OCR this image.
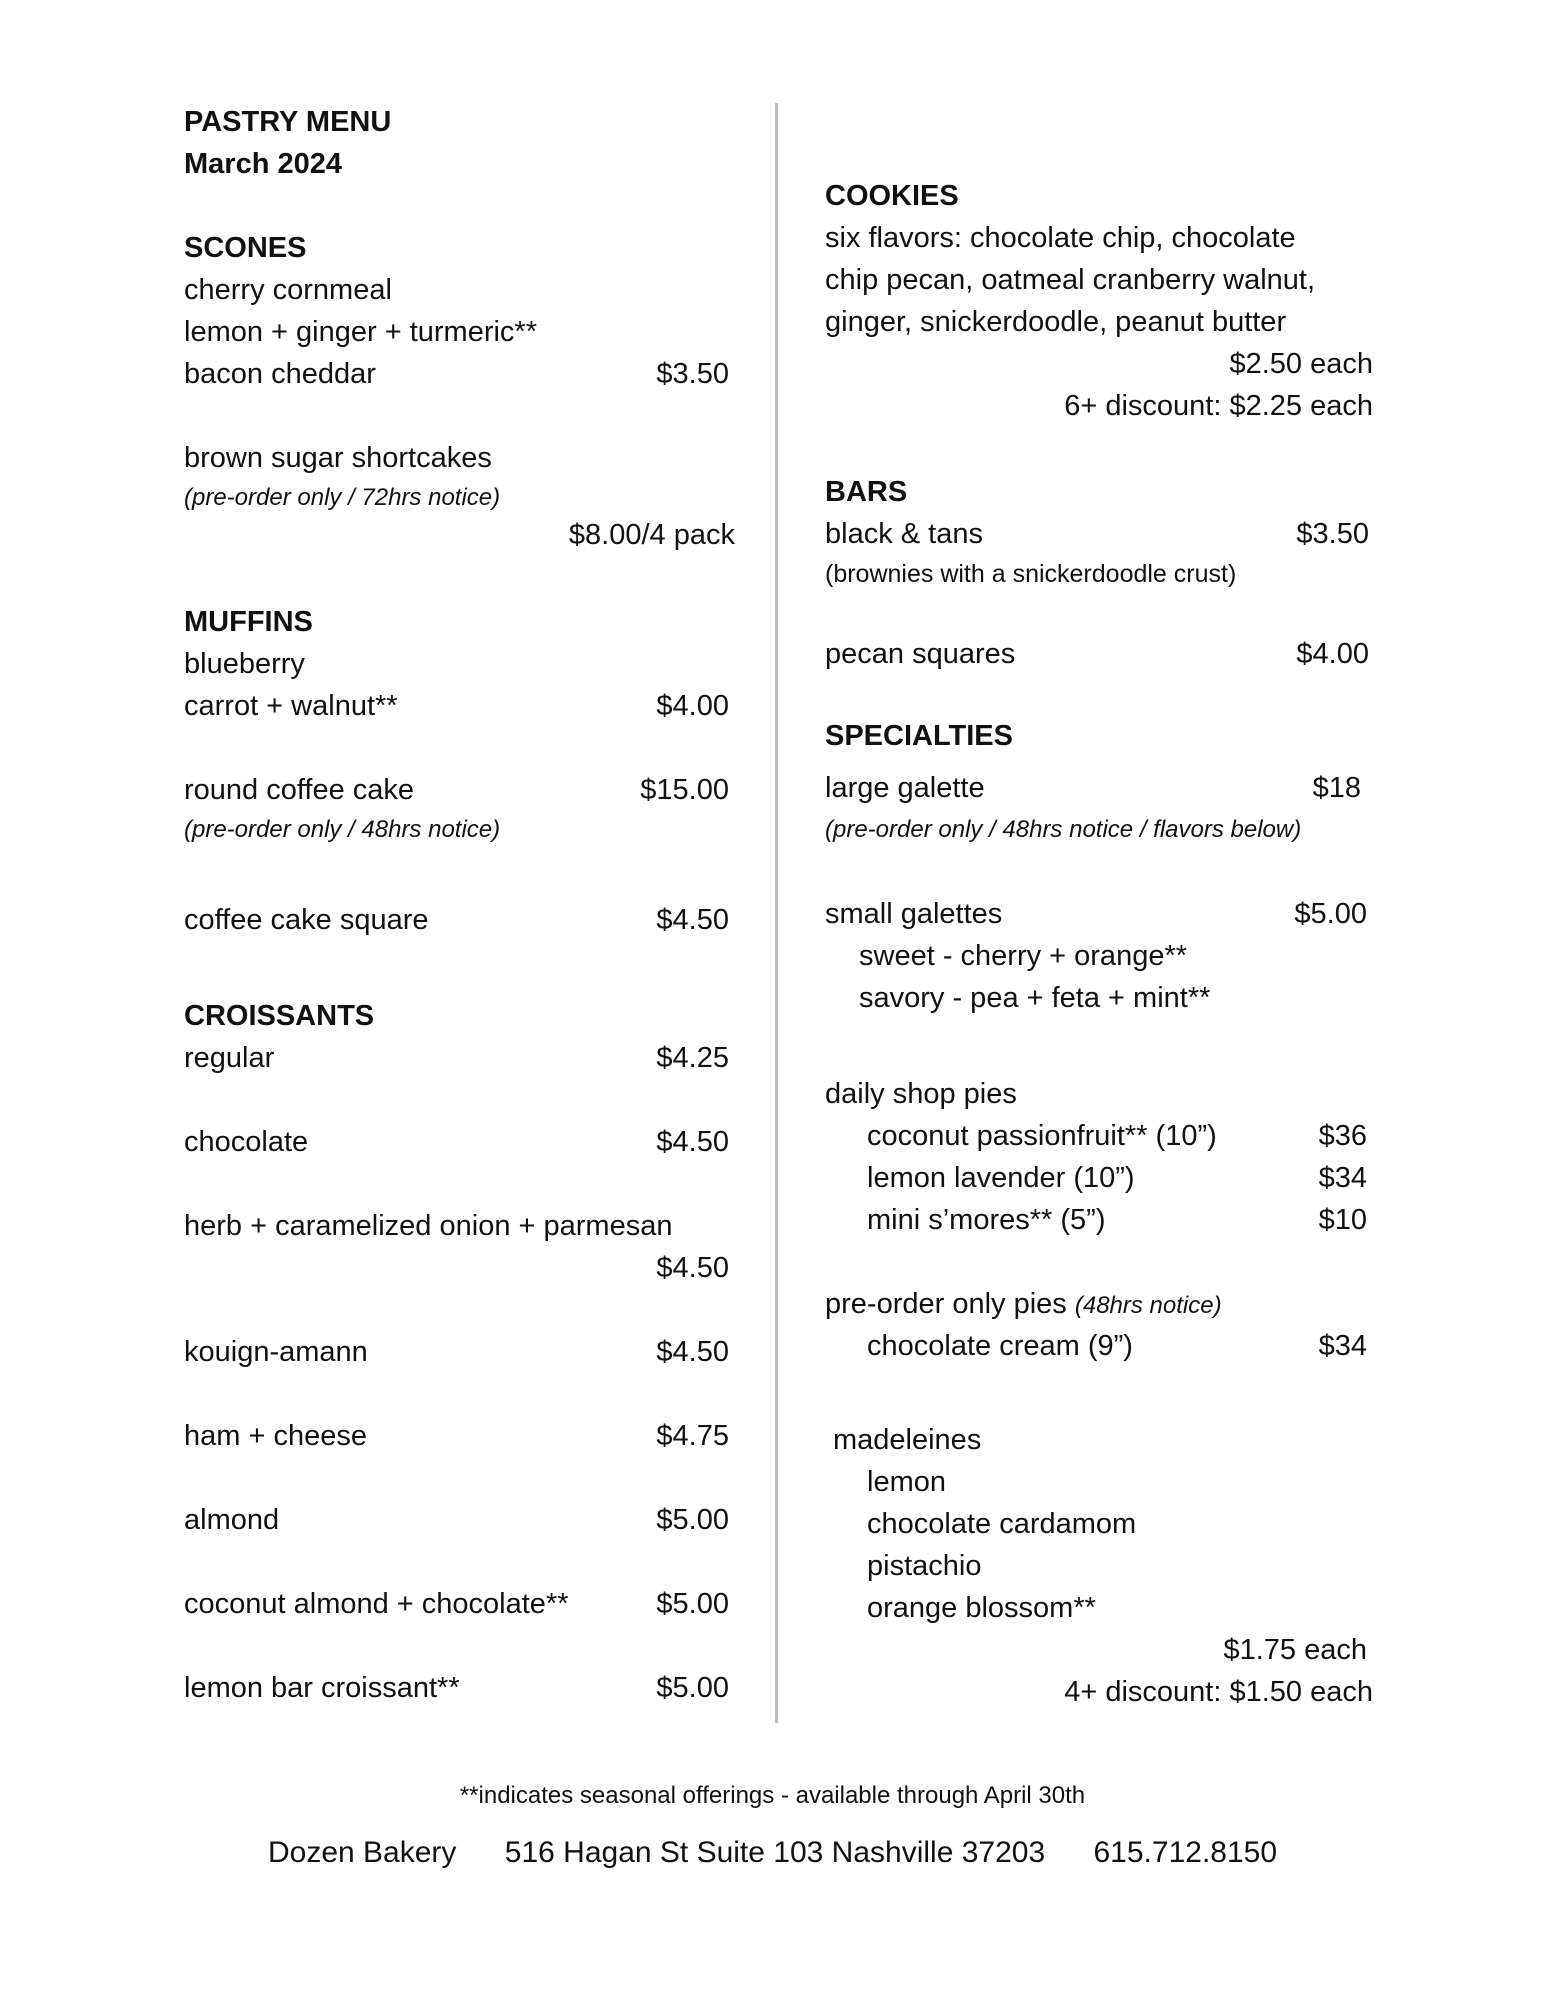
PASTRY MENU
March 2024
SCONES
cherry cornmeal
lemon + ginger + turmeric**
bacon cheddar	$3.50
brown sugar shortcakes
(pre-order only / 72hrs notice)
$8.00/4 pack
MUFFINS
blueberry
carrot + walnut**	$4.00
round coffee cake	$15.00
(pre-order only / 48hrs notice)
coffee cake square	$4.50
CROISSANTS
regular	$4.25
chocolate	$4.50
herb + caramelized onion + parmesan
$4.50
kouign-amann	$4.50
ham + cheese	$4.75
almond	$5.00
coconut almond + chocolate**	$5.00
lemon bar croissant**	$5.00
COOKIES
six flavors: chocolate chip, chocolate
chip pecan, oatmeal cranberry walnut,
ginger, snickerdoodle, peanut butter
$2.50 each
6+ discount: $2.25 each
BARS
black & tans	$3.50
(brownies with a snickerdoodle crust)
pecan squares	$4.00
SPECIALTIES
large galette	$18
(pre-order only / 48hrs notice / flavors below)
small galettes	$5.00
sweet - cherry + orange**
savory - pea + feta + mint**
daily shop pies
coconut passionfruit** (10”)	$36
lemon lavender (10”)	$34
mini s’mores** (5”)	$10
pre-order only pies (48hrs notice)
chocolate cream (9”)	$34
madeleines
lemon
chocolate cardamom
pistachio
orange blossom**
$1.75 each
4+ discount: $1.50 each
**indicates seasonal offerings - available through April 30th
Dozen Bakery 516 Hagan St Suite 103 Nashville 37203 615.712.8150
